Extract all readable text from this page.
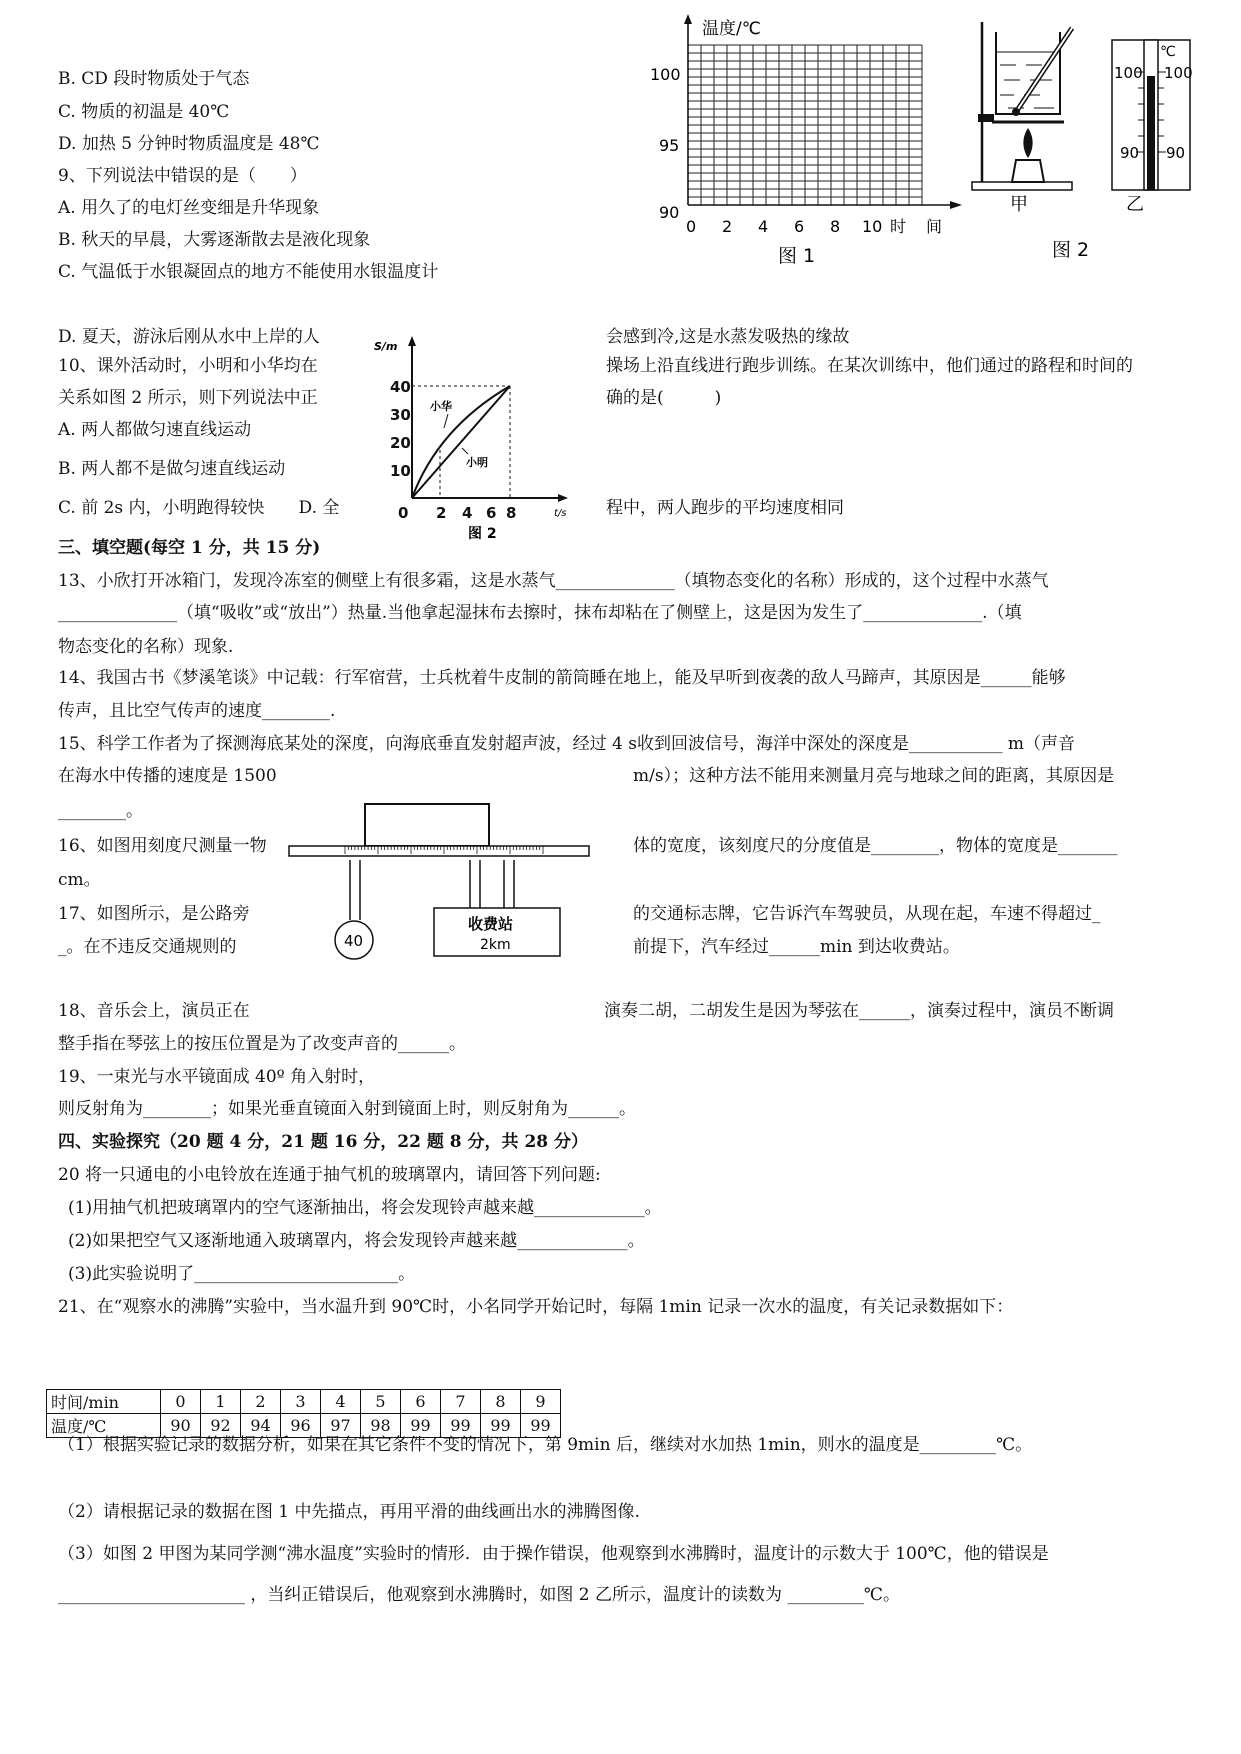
B. CD 段时物质处于气态
C. 物质的初温是 40℃
D. 加热 5 分钟时物质温度是 48℃
9、下列说法中错误的是（　　）
A. 用久了的电灯丝变细是升华现象
B. 秋天的早晨，大雾逐渐散去是液化现象
C. 气温低于水银凝固点的地方不能使用水银温度计
D. 夏天，游泳后刚从水中上岸的人	会感到冷,这是水蒸发吸热的缘故
10、课外活动时，小明和小华均在	操场上沿直线进行跑步训练。在某次训练中，他们通过的路程和时间的
关系如图 2 所示，则下列说法中正	确的是(　　　)
A. 两人都做匀速直线运动
B. 两人都不是做匀速直线运动
C. 前 2s 内，小明跑得较快　　D. 全	程中，两人跑步的平均速度相同
三、填空题(每空 1 分，共 15 分)
13、小欣打开冰箱门，发现冷冻室的侧壁上有很多霜，这是水蒸气______________（填物态变化的名称）形成的，这个过程中水蒸气
______________（填“吸收”或“放出”）热量.当他拿起湿抹布去擦时，抹布却粘在了侧壁上，这是因为发生了______________.（填
物态变化的名称）现象.
14、我国古书《梦溪笔谈》中记载：行军宿营，士兵枕着牛皮制的箭筒睡在地上，能及早听到夜袭的敌人马蹄声，其原因是______能够
传声，且比空气传声的速度________.
15、科学工作者为了探测海底某处的深度，向海底垂直发射超声波，经过 4 s收到回波信号，海洋中深处的深度是___________ m（声音
在海水中传播的速度是 1500	m/s）；这种方法不能用来测量月亮与地球之间的距离，其原因是
________。
16、如图用刻度尺测量一物	体的宽度，该刻度尺的分度值是________，物体的宽度是_______
cm。
17、如图所示，是公路旁	的交通标志牌，它告诉汽车驾驶员，从现在起，车速不得超过_
_。在不违反交通规则的	前提下，汽车经过______min 到达收费站。
18、音乐会上，演员正在	演奏二胡，二胡发生是因为琴弦在______，演奏过程中，演员不断调
整手指在琴弦上的按压位置是为了改变声音的______。
19、一束光与水平镜面成 40º 角入射时，
则反射角为________；如果光垂直镜面入射到镜面上时，则反射角为______。
四、实验探究（20 题 4 分，21 题 16 分，22 题 8 分，共 28 分）
20 将一只通电的小电铃放在连通于抽气机的玻璃罩内，请回答下列问题:
(1)用抽气机把玻璃罩内的空气逐渐抽出，将会发现铃声越来越_____________。
(2)如果把空气又逐渐地通入玻璃罩内，将会发现铃声越来越_____________。
(3)此实验说明了________________________。
21、在“观察水的沸腾”实验中，当水温升到 90℃时，小名同学开始记时，每隔 1min 记录一次水的温度，有关记录数据如下：
时间/min	0	1	2	3	4	5	6	7	8	9
温度/℃	90	92	94	96	97	98	99	99	99	99
（1）根据实验记录的数据分析，如果在其它条件不变的情况下，第 9min 后，继续对水加热 1min，则水的温度是_________℃。
（2）请根据记录的数据在图 1 中先描点，再用平滑的曲线画出水的沸腾图像.
（3）如图 2 甲图为某同学测“沸水温度”实验时的情形．由于操作错误，他观察到水沸腾时，温度计的示数大于 100℃，他的错误是
______________________ ，当纠正错误后，他观察到水沸腾时，如图 2 乙所示，温度计的读数为 _________℃。
温度/℃
100
95
90
0 2 4 6 8 10 时 间
图 1
甲
℃
100 100
90 90
乙
图 2
S/m
t/s
40
30
20
10
0 2 4 6 8
小华
小明
图 2
40
收费站
2km
